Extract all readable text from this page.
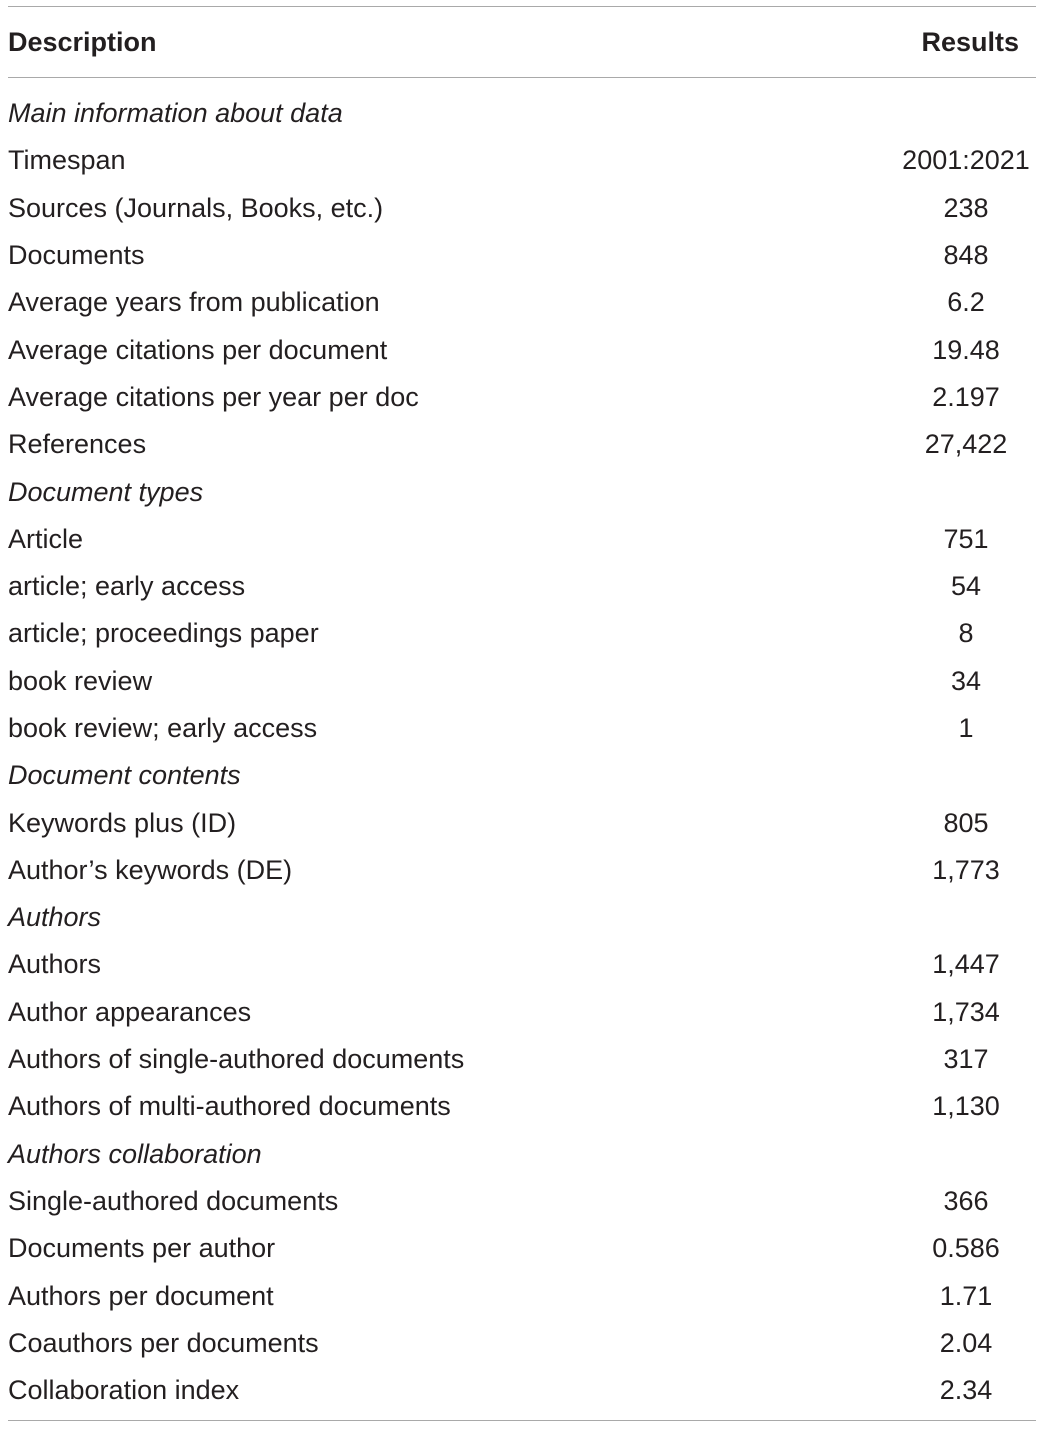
Description	Results
Main information about data
Timespan	2001:2021
Sources (Journals, Books, etc.)	238
Documents	848
Average years from publication	6.2
Average citations per document	19.48
Average citations per year per doc	2.197
References	27,422
Document types
Article	751
article; early access	54
article; proceedings paper	8
book review	34
book review; early access	1
Document contents
Keywords plus (ID)	805
Author’s keywords (DE)	1,773
Authors
Authors	1,447
Author appearances	1,734
Authors of single-authored documents	317
Authors of multi-authored documents	1,130
Authors collaboration
Single-authored documents	366
Documents per author	0.586
Authors per document	1.71
Coauthors per documents	2.04
Collaboration index	2.34
